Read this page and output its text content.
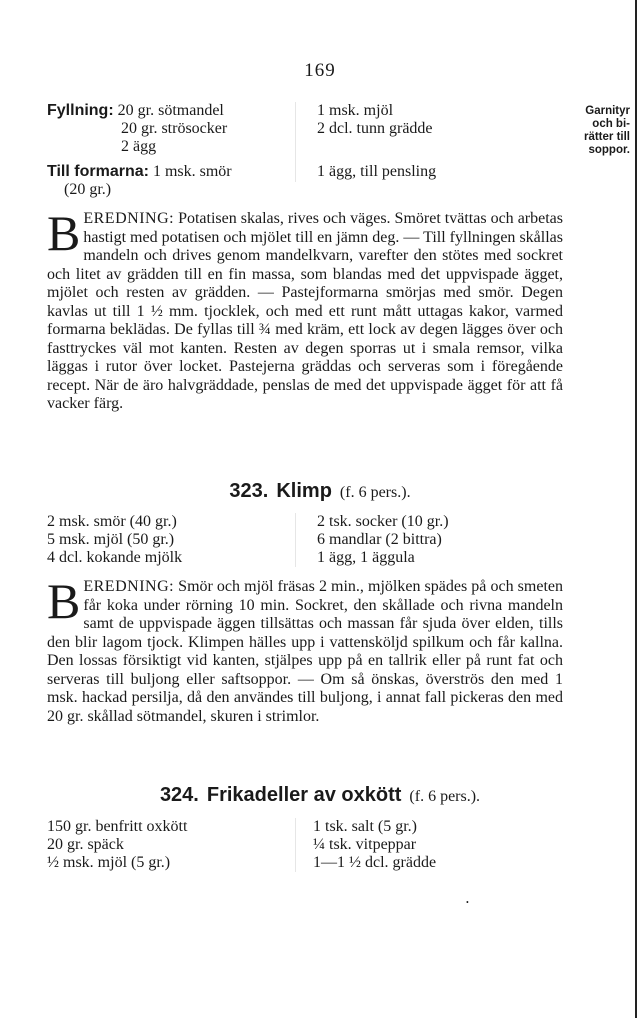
169
Fyllning: 20 gr. sötmandel
20 gr. strösocker
2 ägg
Till formarna: 1 msk. smör
(20 gr.)
1 msk. mjöl
2 dcl. tunn grädde
1 ägg, till pensling
Garnityr
och bi-
rätter till
soppor.
BEREDNING: Potatisen skalas, rives och väges. Smöret tvättas och arbetas hastigt med potatisen och mjölet till en jämn deg. — Till fyllningen skållas mandeln och drives genom mandelkvarn, varefter den stötes med sockret och litet av grädden till en fin massa, som blandas med det uppvispade ägget, mjölet och resten av grädden. — Pastejformarna smörjas med smör. Degen kavlas ut till 1 ½ mm. tjocklek, och med ett runt mått uttagas kakor, varmed formarna beklädas. De fyllas till ¾ med kräm, ett lock av degen lägges över och fasttryckes väl mot kanten. Resten av degen sporras ut i smala remsor, vilka läggas i rutor över locket. Pastejerna gräddas och serveras som i föregående recept. När de äro halvgräddade, penslas de med det uppvispade ägget för att få vacker färg.
323. Klimp (f. 6 pers.).
2 msk. smör (40 gr.)
5 msk. mjöl (50 gr.)
4 dcl. kokande mjölk
2 tsk. socker (10 gr.)
6 mandlar (2 bittra)
1 ägg, 1 äggula
BEREDNING: Smör och mjöl fräsas 2 min., mjölken spädes på och smeten får koka under rörning 10 min. Sockret, den skållade och rivna mandeln samt de uppvispade äggen tillsättas och massan får sjuda över elden, tills den blir lagom tjock. Klimpen hälles upp i vattensköljd spilkum och får kallna. Den lossas försiktigt vid kanten, stjälpes upp på en tallrik eller på runt fat och serveras till buljong eller saftsoppor. — Om så önskas, överströs den med 1 msk. hackad persilja, då den användes till buljong, i annat fall pickeras den med 20 gr. skållad sötmandel, skuren i strimlor.
324. Frikadeller av oxkött (f. 6 pers.).
150 gr. benfritt oxkött
20 gr. späck
½ msk. mjöl (5 gr.)
1 tsk. salt (5 gr.)
¼ tsk. vitpeppar
1—1 ½ dcl. grädde
•
